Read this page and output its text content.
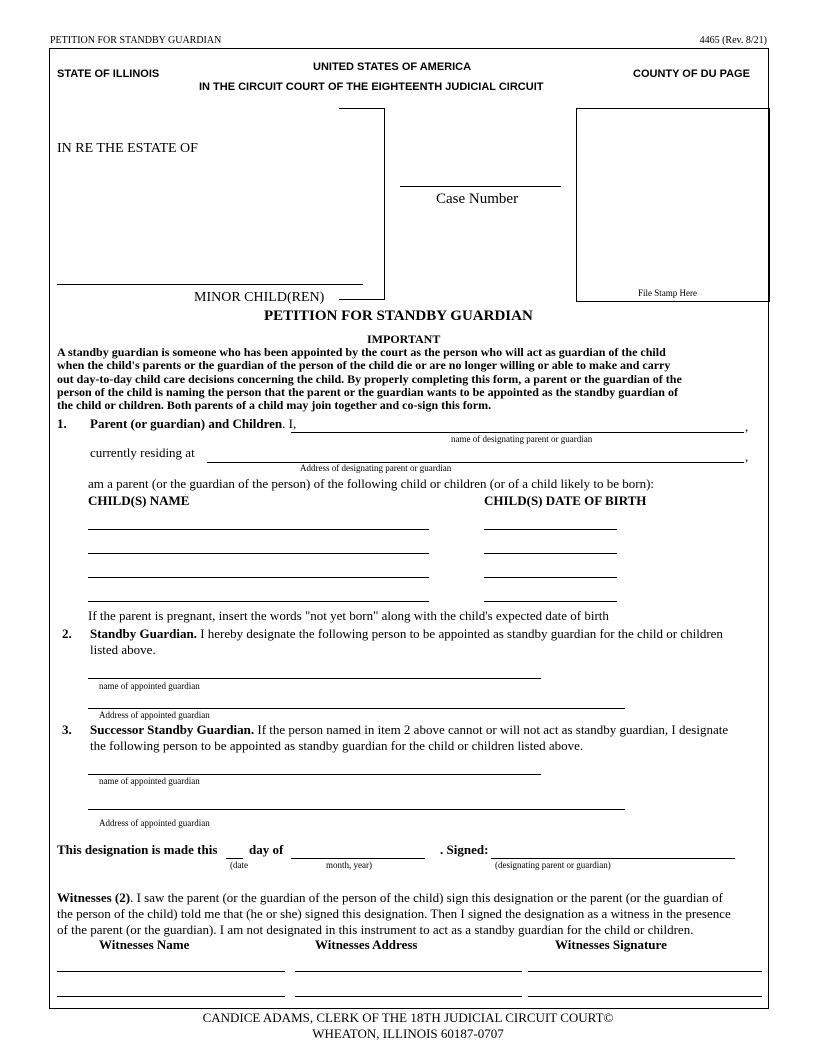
PETITION FOR STANDBY GUARDIAN	4465 (Rev. 8/21)
STATE OF ILLINOIS
UNITED STATES OF AMERICA
IN THE CIRCUIT COURT OF THE EIGHTEENTH JUDICIAL CIRCUIT
COUNTY OF DU PAGE
IN RE THE ESTATE OF
MINOR CHILD(REN)
Case Number
File Stamp Here
PETITION FOR STANDBY GUARDIAN
IMPORTANT
A standby guardian is someone who has been appointed by the court as the person who will act as guardian of the child
when the child's parents or the guardian of the person of the child die or are no longer willing or able to make and carry
out day-to-day child care decisions concerning the child. By properly completing this form, a parent or the guardian of the
person of the child is naming the person that the parent or the guardian wants to be appointed as the standby guardian of
the child or children. Both parents of a child may join together and co-sign this form.
1. Parent (or guardian) and Children. I,	,
name of designating parent or guardian
currently residing at	,
Address of designating parent or guardian
am a parent (or the guardian of the person) of the following child or children (or of a child likely to be born):
CHILD(S) NAME	CHILD(S) DATE OF BIRTH
If the parent is pregnant, insert the words "not yet born" along with the child's expected date of birth
2. Standby Guardian. I hereby designate the following person to be appointed as standby guardian for the child or children
listed above.
name of appointed guardian
Address of appointed guardian
3. Successor Standby Guardian. If the person named in item 2 above cannot or will not act as standby guardian, I designate
the following person to be appointed as standby guardian for the child or children listed above.
name of appointed guardian
Address of appointed guardian
This designation is made this day of	. Signed:
(date	month, year)	(designating parent or guardian)
Witnesses (2). I saw the parent (or the guardian of the person of the child) sign this designation or the parent (or the guardian of
the person of the child) told me that (he or she) signed this designation. Then I signed the designation as a witness in the presence
of the parent (or the guardian). I am not designated in this instrument to act as a standby guardian for the child or children.
Witnesses Name	Witnesses Address	Witnesses Signature
CANDICE ADAMS, CLERK OF THE 18TH JUDICIAL CIRCUIT COURT©
WHEATON, ILLINOIS 60187-0707
